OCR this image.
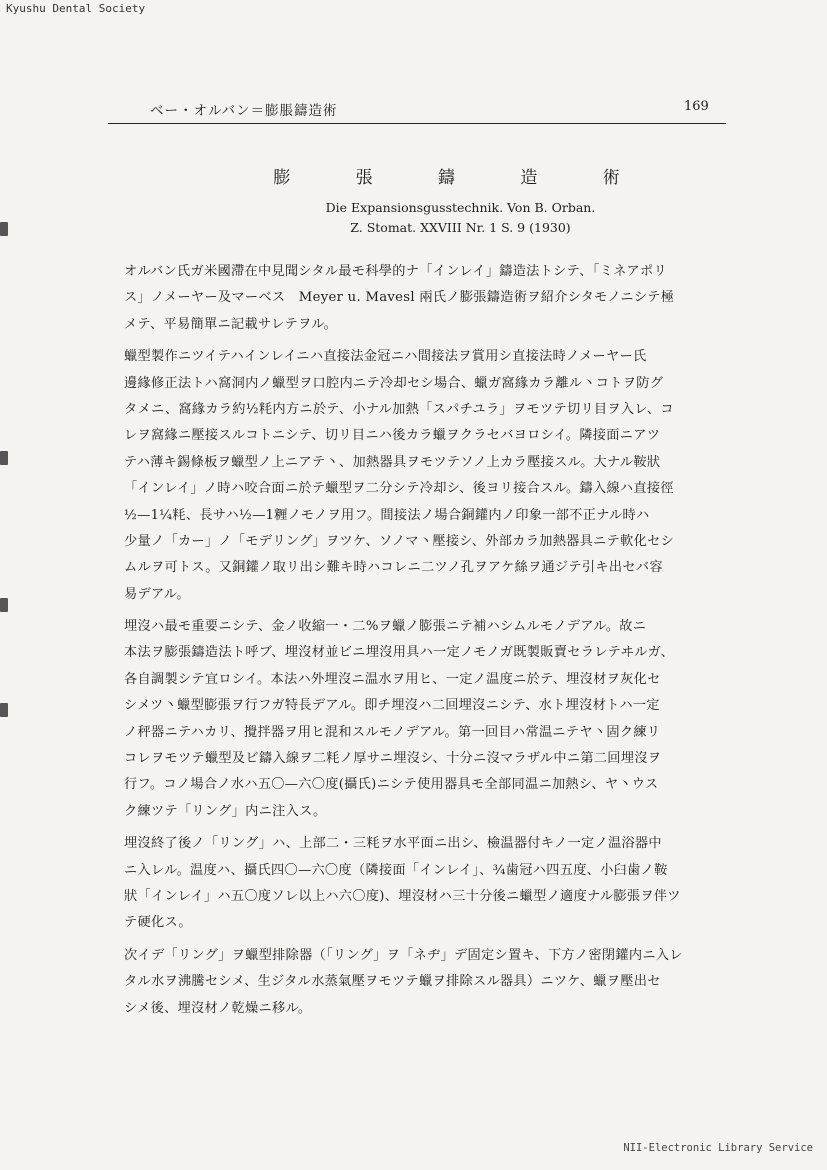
Kyushu Dental Society
ベー・オルバン＝膨脹鑄造術	169
膨 張 鑄 造 術
Die Expansionsgusstechnik. Von B. Orban.
Z. Stomat. XXVIII Nr. 1 S. 9 (1930)
オルバン氏ガ米國滯在中見聞シタル最モ科學的ナ「インレイ」鑄造法トシテ、「ミネアポリ
ス」ノメーヤー及マーベス　Meyer u. Mavesl 兩氏ノ膨張鑄造術ヲ紹介シタモノニシテ極
メテ、平易簡單ニ記載サレテヲル。
蠟型製作ニツイテハインレイニハ直接法金冠ニハ間接法ヲ賞用シ直接法時ノメーヤー氏
邊緣修正法トハ窩洞内ノ蠟型ヲ口腔内ニテ冷却セシ場合、蠟ガ窩緣カラ離ル丶コトヲ防グ
タメニ、窩緣カラ約½粍内方ニ於テ、小ナル加熱「スパチユラ」ヲモツテ切リ目ヲ入レ、コ
レヲ窩緣ニ壓接スルコトニシテ、切リ目ニハ後カラ蠟ヲクラセバヨロシイ。隣接面ニアツ
テハ薄キ錫條板ヲ蠟型ノ上ニアテ丶、加熱器具ヲモツテソノ上カラ壓接スル。大ナル鞍狀
「インレイ」ノ時ハ咬合面ニ於テ蠟型ヲ二分シテ冷却シ、後ヨリ接合スル。鑄入線ハ直接徑
½—1¼粍、長サハ½—1糎ノモノヲ用フ。間接法ノ場合銅鑵内ノ印象一部不正ナル時ハ
少量ノ「カー」ノ「モデリング」ヲツケ、ソノマ丶壓接シ、外部カラ加熱器具ニテ軟化セシ
ムルヲ可トス。又銅鑵ノ取リ出シ難キ時ハコレニ二ツノ孔ヲアケ絲ヲ通ジテ引キ出セバ容
易デアル。
埋沒ハ最モ重要ニシテ、金ノ收縮一・二%ヲ蠟ノ膨張ニテ補ハシムルモノデアル。故ニ
本法ヲ膨張鑄造法ト呼ブ、埋沒材並ビニ埋沒用具ハ一定ノモノガ既製販賣セラレテヰルガ、
各自調製シテ宜ロシイ。本法ハ外埋沒ニ温水ヲ用ヒ、一定ノ温度ニ於テ、埋沒材ヲ灰化セ
シメツ丶蠟型膨張ヲ行フガ特長デアル。即チ埋沒ハ二回埋沒ニシテ、水ト埋沒材トハ一定
ノ秤器ニテハカリ、攪拌器ヲ用ヒ混和スルモノデアル。第一回目ハ常温ニテヤ丶固ク練リ
コレヲモツテ蠟型及ビ鑄入線ヲ二粍ノ厚サニ埋沒シ、十分ニ沒マラザル中ニ第二回埋沒ヲ
行フ。コノ場合ノ水ハ五〇—六〇度(攝氏)ニシテ使用器具モ全部同温ニ加熱シ、ヤ丶ウス
ク練ツテ「リング」内ニ注入ス。
埋沒終了後ノ「リング」ハ、上部二・三粍ヲ水平面ニ出シ、檢温器付キノ一定ノ温浴器中
ニ入レル。温度ハ、攝氏四〇—六〇度（隣接面「インレイ」、¾歯冠ハ四五度、小臼歯ノ鞍
狀「インレイ」ハ五〇度ソレ以上ハ六〇度)、埋沒材ハ三十分後ニ蠟型ノ適度ナル膨張ヲ伴ツ
テ硬化ス。
次イデ「リング」ヲ蠟型排除器（「リング」ヲ「ネヂ」デ固定シ置キ、下方ノ密閉鑵内ニ入レ
タル水ヲ沸騰セシメ、生ジタル水蒸氣壓ヲモツテ蠟ヲ排除スル器具）ニツケ、蠟ヲ壓出セ
シメ後、埋沒材ノ乾燥ニ移ル。
NII-Electronic Library Service
